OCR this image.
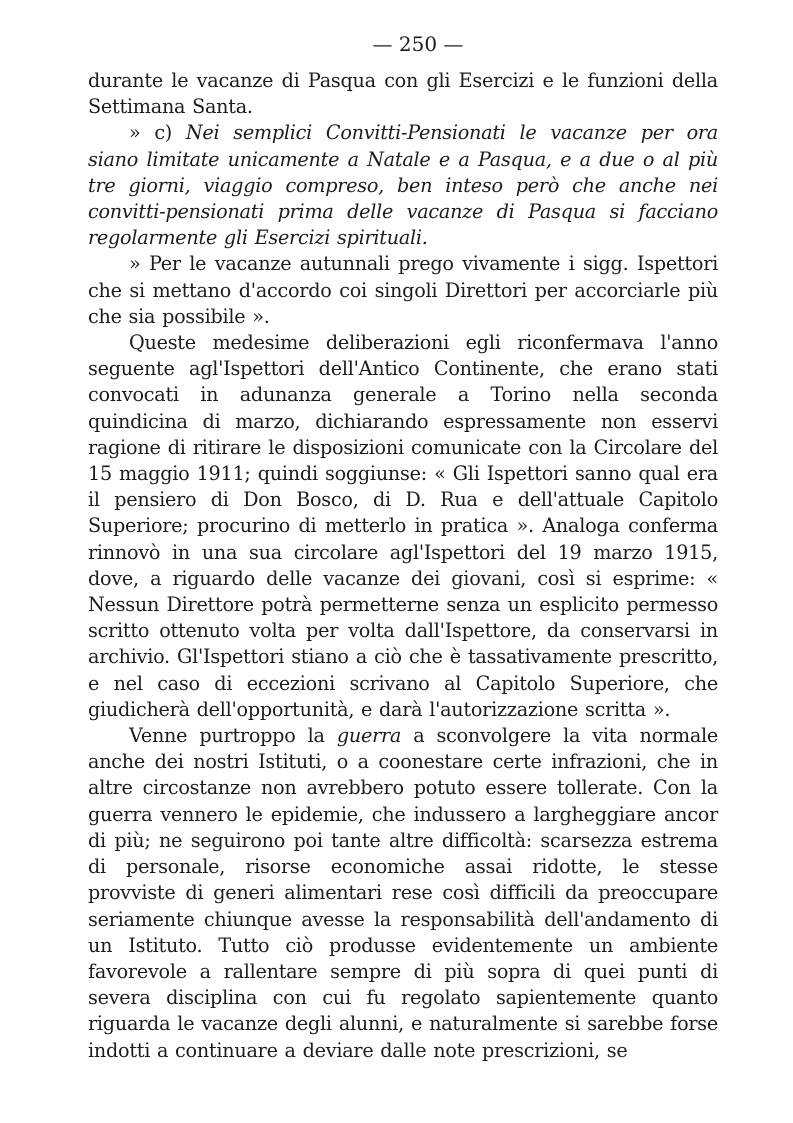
— 250 —

durante le vacanze di Pasqua con gli Esercizi e le funzioni della Settimana Santa.

» c) Nei semplici Convitti-Pensionati le vacanze per ora siano limitate unicamente a Natale e a Pasqua, e a due o al più tre giorni, viaggio compreso, ben inteso però che anche nei convitti-pensionati prima delle vacanze di Pasqua si facciano regolarmente gli Esercizi spirituali.

» Per le vacanze autunnali prego vivamente i sigg. Ispettori che si mettano d'accordo coi singoli Direttori per accorciarle più che sia possibile ».

Queste medesime deliberazioni egli riconfermava l'anno seguente agl'Ispettori dell'Antico Continente, che erano stati convocati in adunanza generale a Torino nella seconda quindicina di marzo, dichiarando espressamente non esservi ragione di ritirare le disposizioni comunicate con la Circolare del 15 maggio 1911; quindi soggiunse: « Gli Ispettori sanno qual era il pensiero di Don Bosco, di D. Rua e dell'attuale Capitolo Superiore; procurino di metterlo in pratica ». Analoga conferma rinnovò in una sua circolare agl'Ispettori del 19 marzo 1915, dove, a riguardo delle vacanze dei giovani, così si esprime: « Nessun Direttore potrà permetterne senza un esplicito permesso scritto ottenuto volta per volta dall'Ispettore, da conservarsi in archivio. Gl'Ispettori stiano a ciò che è tassativamente prescritto, e nel caso di eccezioni scrivano al Capitolo Superiore, che giudicherà dell'opportunità, e darà l'autorizzazione scritta ».

Venne purtroppo la guerra a sconvolgere la vita normale anche dei nostri Istituti, o a coonestare certe infrazioni, che in altre circostanze non avrebbero potuto essere tollerate. Con la guerra vennero le epidemie, che indussero a largheggiare ancor di più; ne seguirono poi tante altre difficoltà: scarsezza estrema di personale, risorse economiche assai ridotte, le stesse provviste di generi alimentari rese così difficili da preoccupare seriamente chiunque avesse la responsabilità dell'andamento di un Istituto. Tutto ciò produsse evidentemente un ambiente favorevole a rallentare sempre di più sopra di quei punti di severa disciplina con cui fu regolato sapientemente quanto riguarda le vacanze degli alunni, e naturalmente si sarebbe forse indotti a continuare a deviare dalle note prescrizioni, se
